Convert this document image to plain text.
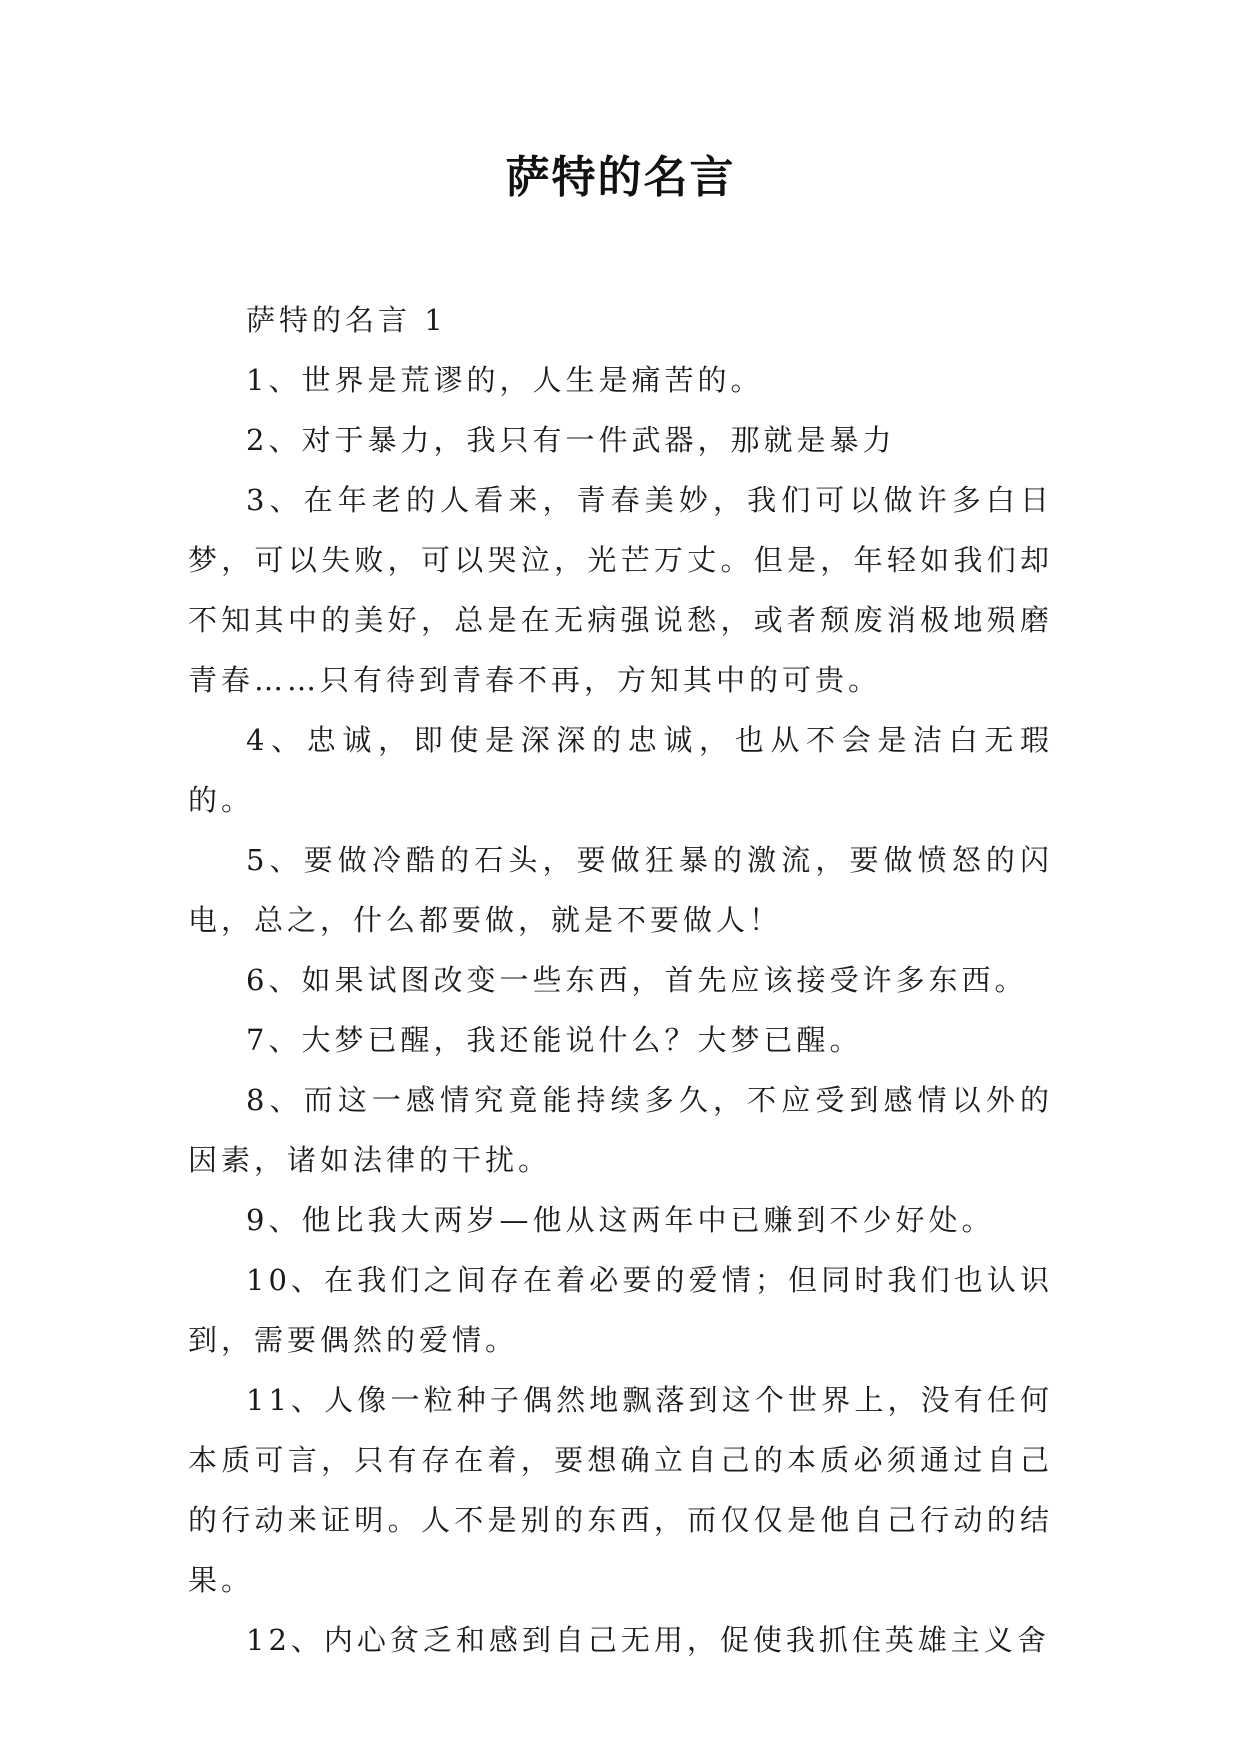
萨特的名言

萨特的名言 1

1、世界是荒谬的，人生是痛苦的。

2、对于暴力，我只有一件武器，那就是暴力

3、在年老的人看来，青春美妙，我们可以做许多白日梦，可以失败，可以哭泣，光芒万丈。但是，年轻如我们却不知其中的美好，总是在无病强说愁，或者颓废消极地殒磨青春……只有待到青春不再，方知其中的可贵。

4、忠诚，即使是深深的忠诚，也从不会是洁白无瑕的。

5、要做冷酷的石头，要做狂暴的激流，要做愤怒的闪电，总之，什么都要做，就是不要做人！

6、如果试图改变一些东西，首先应该接受许多东西。

7、大梦已醒，我还能说什么？大梦已醒。

8、而这一感情究竟能持续多久，不应受到感情以外的因素，诸如法律的干扰。

9、他比我大两岁—他从这两年中已赚到不少好处。

10、在我们之间存在着必要的爱情；但同时我们也认识到，需要偶然的爱情。

11、人像一粒种子偶然地飘落到这个世界上，没有任何本质可言，只有存在着，要想确立自己的本质必须通过自己的行动来证明。人不是别的东西，而仅仅是他自己行动的结果。

12、内心贫乏和感到自己无用，促使我抓住英雄主义舍
